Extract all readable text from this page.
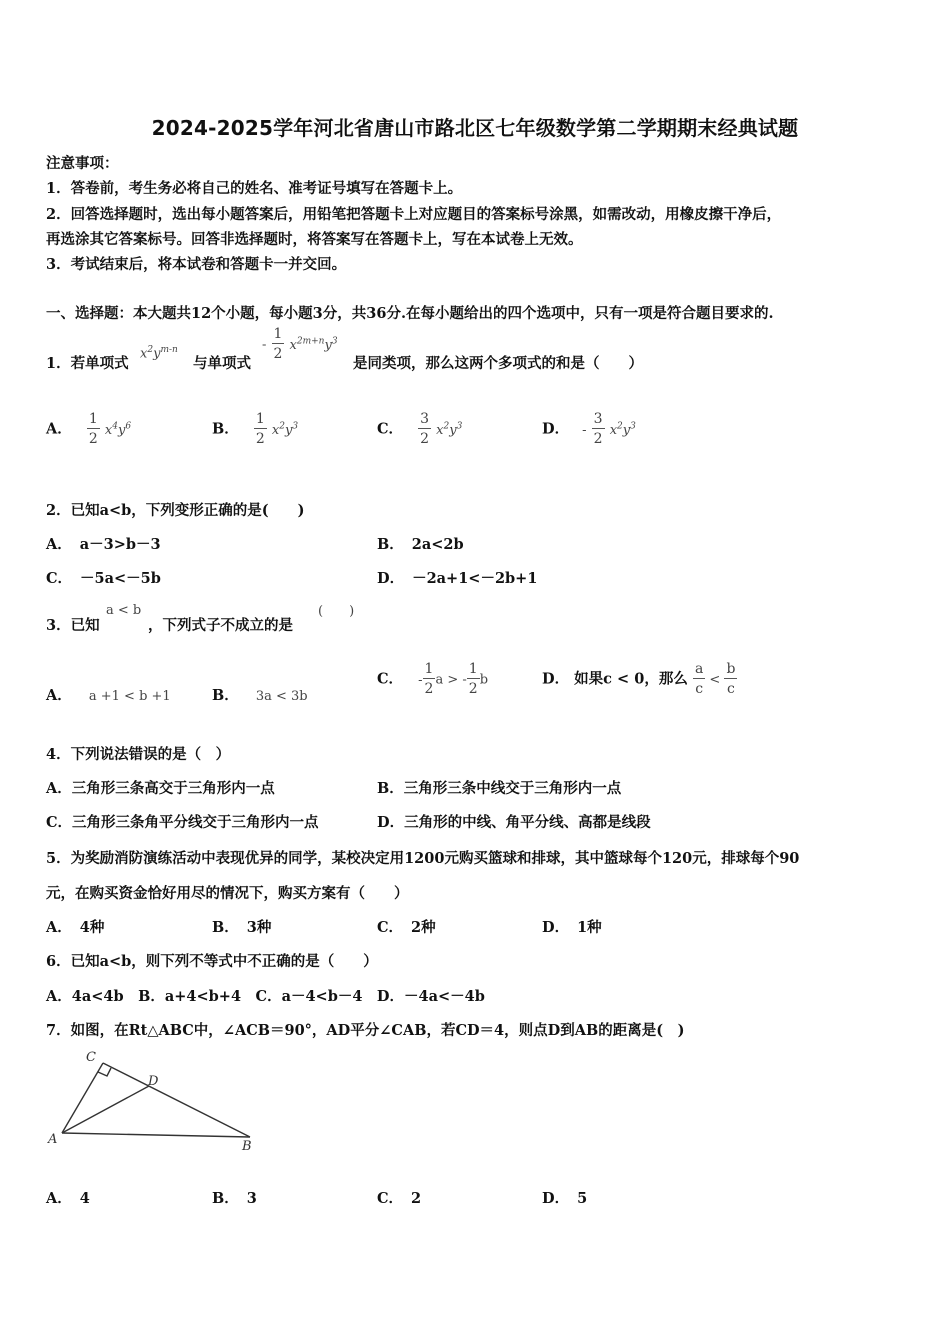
2024-2025学年河北省唐山市路北区七年级数学第二学期期末经典试题
注意事项：
1．答卷前，考生务必将自己的姓名、准考证号填写在答题卡上。
2．回答选择题时，选出每小题答案后，用铅笔把答题卡上对应题目的答案标号涂黑，如需改动，用橡皮擦干净后，
再选涂其它答案标号。回答非选择题时，将答案写在答题卡上，写在本试卷上无效。
3．考试结束后，将本试卷和答题卡一并交回。
一、选择题：本大题共12个小题，每小题3分，共36分.在每小题给出的四个选项中，只有一项是符合题目要求的.
1．若单项式
$x^2y^{m-n}$
与单项式
- $\frac{1}{2} x^{2m+n}y^3$
是同类项，那么这两个多项式的和是（　　）
A． $\frac{1}{2} x^4y^6$	B． $\frac{1}{2} x^2y^3$	C． $\frac{3}{2} x^2y^3$	D． - $\frac{3}{2} x^2y^3$
2．已知a<b，下列变形正确的是(　　)
A． a－3>b－3	B． 2a<2b
C． －5a<－5b	D． －2a+1<－2b+1
3．已知
a < b
，下列式子不成立的是
(　　)
A． a +1 < b +1	B． 3a < 3b
C． - $\frac{1}{2}$ a > - $\frac{1}{2}$ b	D． 如果c < 0，那么 $\frac{a}{c} < \frac{b}{c}$
4．下列说法错误的是（　）
A．三角形三条高交于三角形内一点	B．三角形三条中线交于三角形内一点
C．三角形三条角平分线交于三角形内一点	D．三角形的中线、角平分线、高都是线段
5．为奖励消防演练活动中表现优异的同学，某校决定用1200元购买篮球和排球，其中篮球每个120元，排球每个90
元，在购买资金恰好用尽的情况下，购买方案有（　　）
A． 4种	B． 3种	C． 2种	D． 1种
6．已知a<b，则下列不等式中不正确的是（　　）
A．4a<4b　B．a+4<b+4　C．a－4<b－4　D．－4a<－4b
7．如图，在Rt△ABC中，∠ACB＝90°，AD平分∠CAB，若CD＝4，则点D到AB的距离是(　)
C
D
A	B
A． 4	B． 3	C． 2	D． 5
